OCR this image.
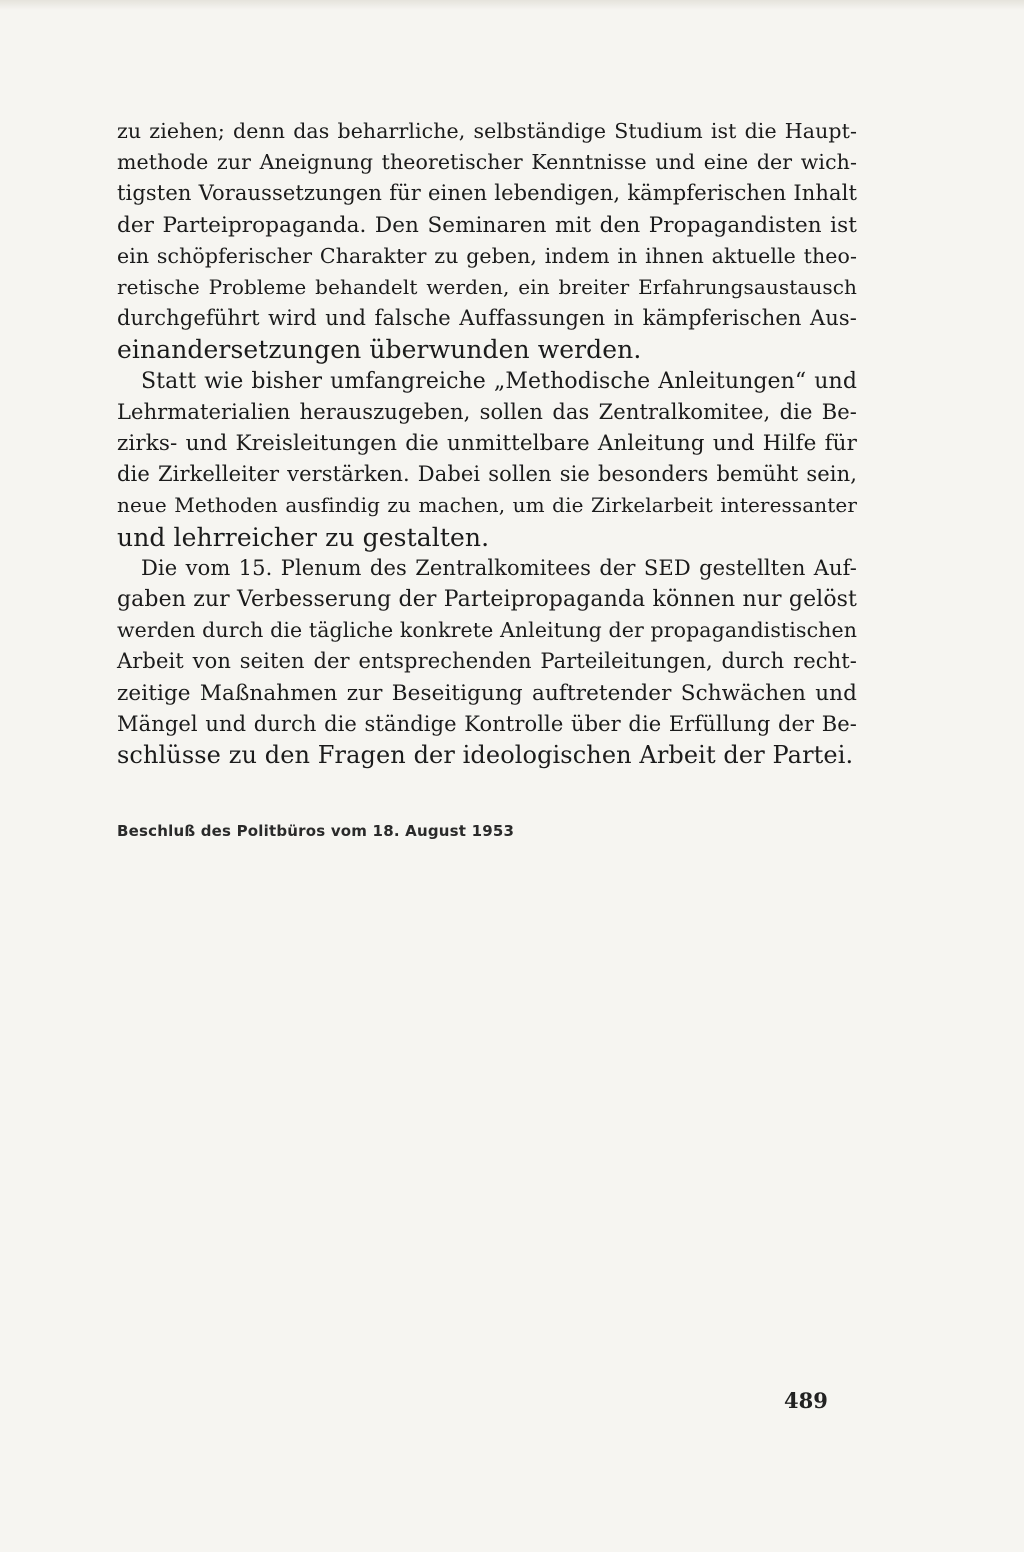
zu ziehen; denn das beharrliche, selbständige Studium ist die Haupt-
methode zur Aneignung theoretischer Kenntnisse und eine der wich-
tigsten Voraussetzungen für einen lebendigen, kämpferischen Inhalt
der Parteipropaganda. Den Seminaren mit den Propagandisten ist
ein schöpferischer Charakter zu geben, indem in ihnen aktuelle theo-
retische Probleme behandelt werden, ein breiter Erfahrungsaustausch
durchgeführt wird und falsche Auffassungen in kämpferischen Aus-
einandersetzungen überwunden werden.
Statt wie bisher umfangreiche „Methodische Anleitungen“ und
Lehrmaterialien herauszugeben, sollen das Zentralkomitee, die Be-
zirks- und Kreisleitungen die unmittelbare Anleitung und Hilfe für
die Zirkelleiter verstärken. Dabei sollen sie besonders bemüht sein,
neue Methoden ausfindig zu machen, um die Zirkelarbeit interessanter
und lehrreicher zu gestalten.
Die vom 15. Plenum des Zentralkomitees der SED gestellten Auf-
gaben zur Verbesserung der Parteipropaganda können nur gelöst
werden durch die tägliche konkrete Anleitung der propagandistischen
Arbeit von seiten der entsprechenden Parteileitungen, durch recht-
zeitige Maßnahmen zur Beseitigung auftretender Schwächen und
Mängel und durch die ständige Kontrolle über die Erfüllung der Be-
schlüsse zu den Fragen der ideologischen Arbeit der Partei.
Beschluß des Politbüros vom 18. August 1953
489
